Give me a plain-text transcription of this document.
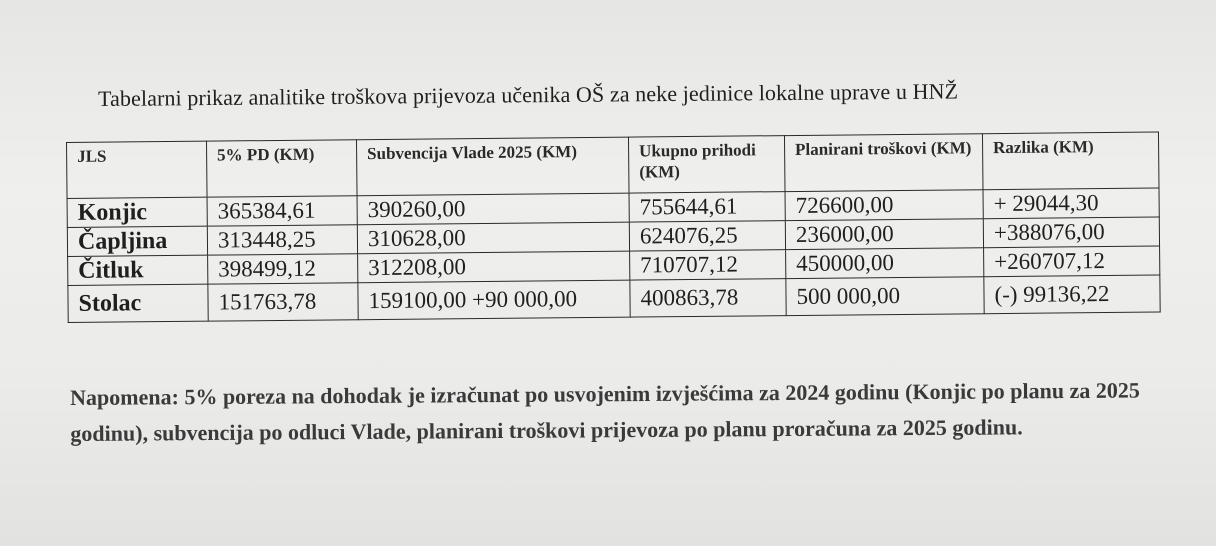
Tabelarni prikaz analitike troškova prijevoza učenika OŠ za neke jedinice lokalne uprave u HNŽ
JLS	5% PD (KM)	Subvencija Vlade 2025 (KM)	Ukupno prihodi (KM)	Planirani troškovi (KM)	Razlika (KM)
Konjic	365384,61	390260,00	755644,61	726600,00	+ 29044,30
Čapljina	313448,25	310628,00	624076,25	236000,00	+388076,00
Čitluk	398499,12	312208,00	710707,12	450000,00	+260707,12
Stolac	151763,78	159100,00 +90 000,00	400863,78	500 000,00	(-) 99136,22
Napomena: 5% poreza na dohodak je izračunat po usvojenim izvješćima za 2024 godinu (Konjic po planu za 2025 godinu), subvencija po odluci Vlade, planirani troškovi prijevoza po planu proračuna za 2025 godinu.
